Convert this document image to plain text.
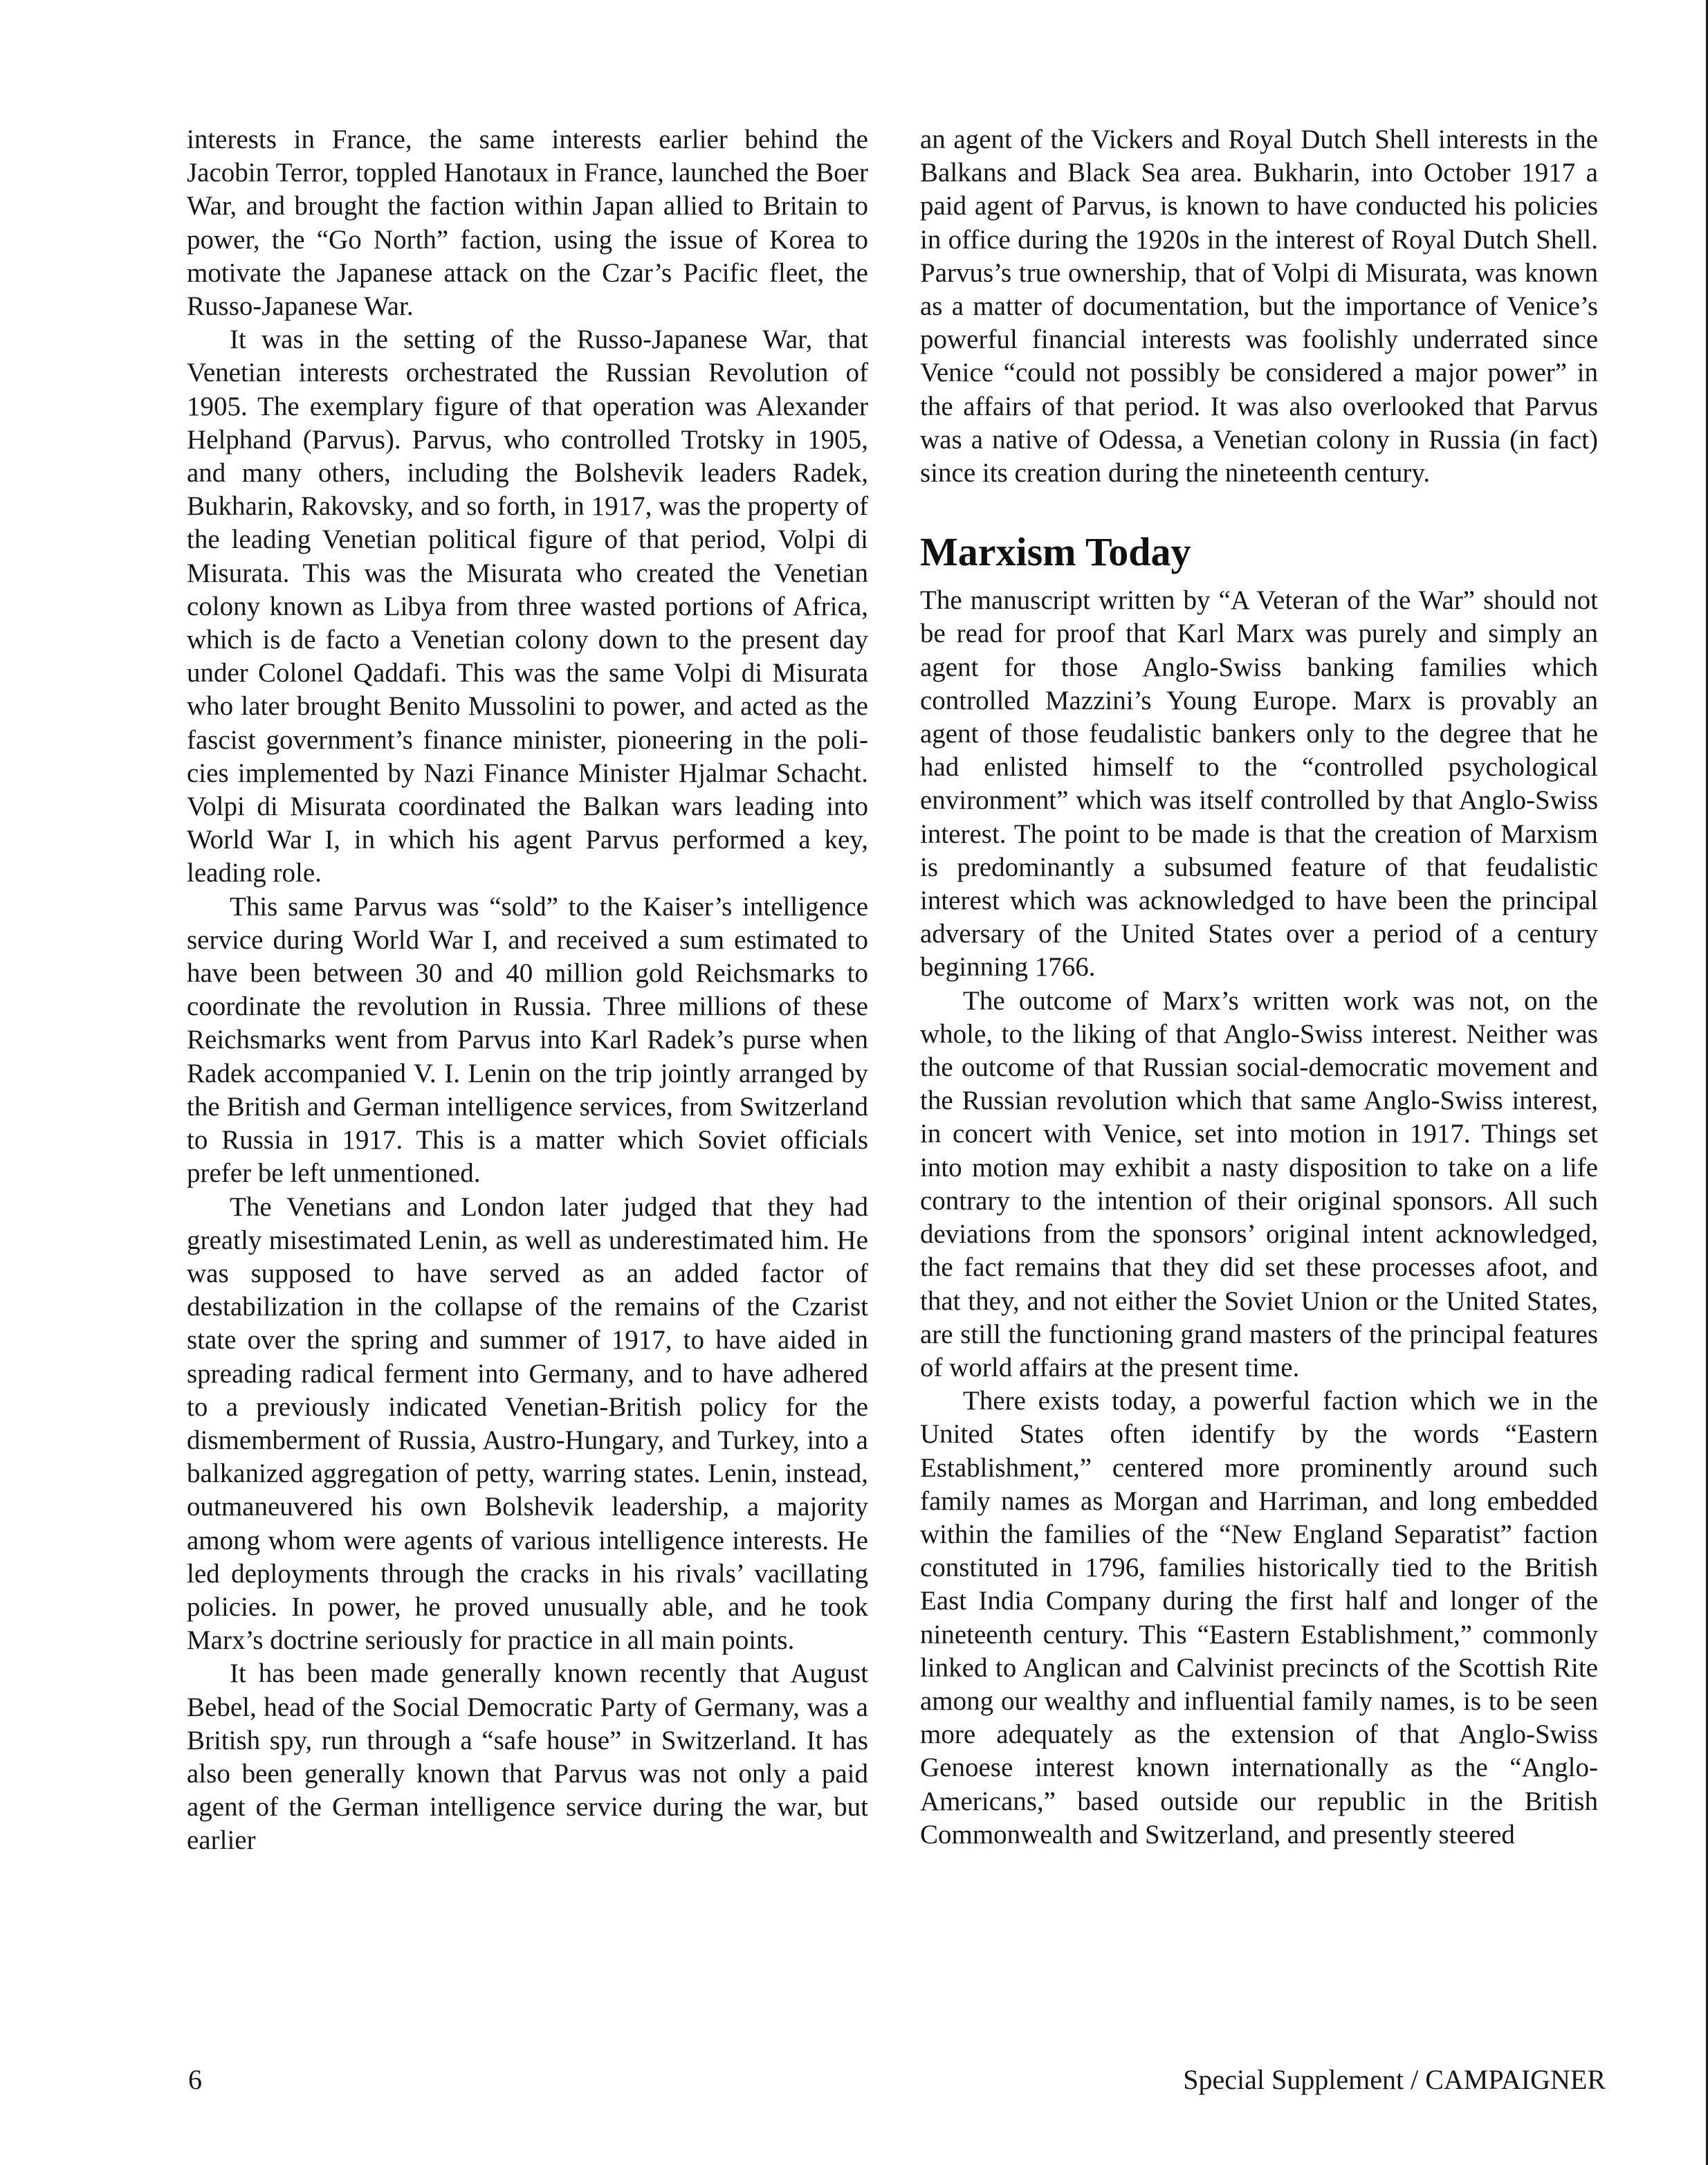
interests in France, the same interests earlier behind the Jacobin Terror, toppled Hanotaux in France, launched the Boer War, and brought the faction within Japan allied to Britain to power, the “Go North” faction, using the issue of Korea to motivate the Japanese attack on the Czar’s Pacific fleet, the Russo-Japanese War.

It was in the setting of the Russo-Japanese War, that Venetian interests orchestrated the Russian Revolution of 1905. The exemplary figure of that operation was Alexander Helphand (Parvus). Parvus, who controlled Trotsky in 1905, and many others, including the Bolshevik leaders Radek, Bukharin, Rakovsky, and so forth, in 1917, was the property of the leading Venetian political figure of that period, Volpi di Misurata. This was the Misurata who created the Venetian colony known as Libya from three wasted portions of Africa, which is de facto a Venetian colony down to the present day under Colonel Qaddafi. This was the same Volpi di Misurata who later brought Benito Mussolini to power, and acted as the fascist government’s finance minister, pioneering in the policies implemented by Nazi Finance Minister Hjalmar Schacht. Volpi di Misurata coordinated the Balkan wars leading into World War I, in which his agent Parvus performed a key, leading role.

This same Parvus was “sold” to the Kaiser’s intelligence service during World War I, and received a sum estimated to have been between 30 and 40 million gold Reichsmarks to coordinate the revolution in Russia. Three millions of these Reichsmarks went from Parvus into Karl Radek’s purse when Radek accompanied V. I. Lenin on the trip jointly arranged by the British and German intelligence services, from Switzerland to Russia in 1917. This is a matter which Soviet officials prefer be left unmentioned.

The Venetians and London later judged that they had greatly misestimated Lenin, as well as underestimated him. He was supposed to have served as an added factor of destabilization in the collapse of the remains of the Czarist state over the spring and summer of 1917, to have aided in spreading radical ferment into Germany, and to have adhered to a previously indicated Venetian-British policy for the dismemberment of Russia, Austro-Hungary, and Turkey, into a balkanized aggregation of petty, warring states. Lenin, instead, outmaneuvered his own Bolshevik leadership, a majority among whom were agents of various intelligence interests. He led deployments through the cracks in his rivals’ vacillating policies. In power, he proved unusually able, and he took Marx’s doctrine seriously for practice in all main points.

It has been made generally known recently that August Bebel, head of the Social Democratic Party of Germany, was a British spy, run through a “safe house” in Switzerland. It has also been generally known that Parvus was not only a paid agent of the German intelligence service during the war, but earlier

an agent of the Vickers and Royal Dutch Shell interests in the Balkans and Black Sea area. Bukharin, into October 1917 a paid agent of Parvus, is known to have conducted his policies in office during the 1920s in the interest of Royal Dutch Shell. Parvus’s true ownership, that of Volpi di Misurata, was known as a matter of documentation, but the importance of Venice’s powerful financial interests was foolishly underrated since Venice “could not possibly be considered a major power” in the affairs of that period. It was also overlooked that Parvus was a native of Odessa, a Venetian colony in Russia (in fact) since its creation during the nineteenth century.

Marxism Today

The manuscript written by “A Veteran of the War” should not be read for proof that Karl Marx was purely and simply an agent for those Anglo-Swiss banking families which controlled Mazzini’s Young Europe. Marx is provably an agent of those feudalistic bankers only to the degree that he had enlisted himself to the “controlled psychological environment” which was itself controlled by that Anglo-Swiss interest. The point to be made is that the creation of Marxism is predominantly a subsumed feature of that feudalistic interest which was acknowledged to have been the principal adversary of the United States over a period of a century beginning 1766.

The outcome of Marx’s written work was not, on the whole, to the liking of that Anglo-Swiss interest. Neither was the outcome of that Russian social-democratic movement and the Russian revolution which that same Anglo-Swiss interest, in concert with Venice, set into motion in 1917. Things set into motion may exhibit a nasty disposition to take on a life contrary to the intention of their original sponsors. All such deviations from the sponsors’ original intent acknowledged, the fact remains that they did set these processes afoot, and that they, and not either the Soviet Union or the United States, are still the functioning grand masters of the principal features of world affairs at the present time.

There exists today, a powerful faction which we in the United States often identify by the words “Eastern Establishment,” centered more prominently around such family names as Morgan and Harriman, and long embedded within the families of the “New England Separatist” faction constituted in 1796, families historically tied to the British East India Company during the first half and longer of the nineteenth century. This “Eastern Establishment,” commonly linked to Anglican and Calvinist precincts of the Scottish Rite among our wealthy and influential family names, is to be seen more adequately as the extension of that Anglo-Swiss Genoese interest known internationally as the “Anglo-Americans,” based outside our republic in the British Commonwealth and Switzerland, and presently steered

6	Special Supplement / CAMPAIGNER
